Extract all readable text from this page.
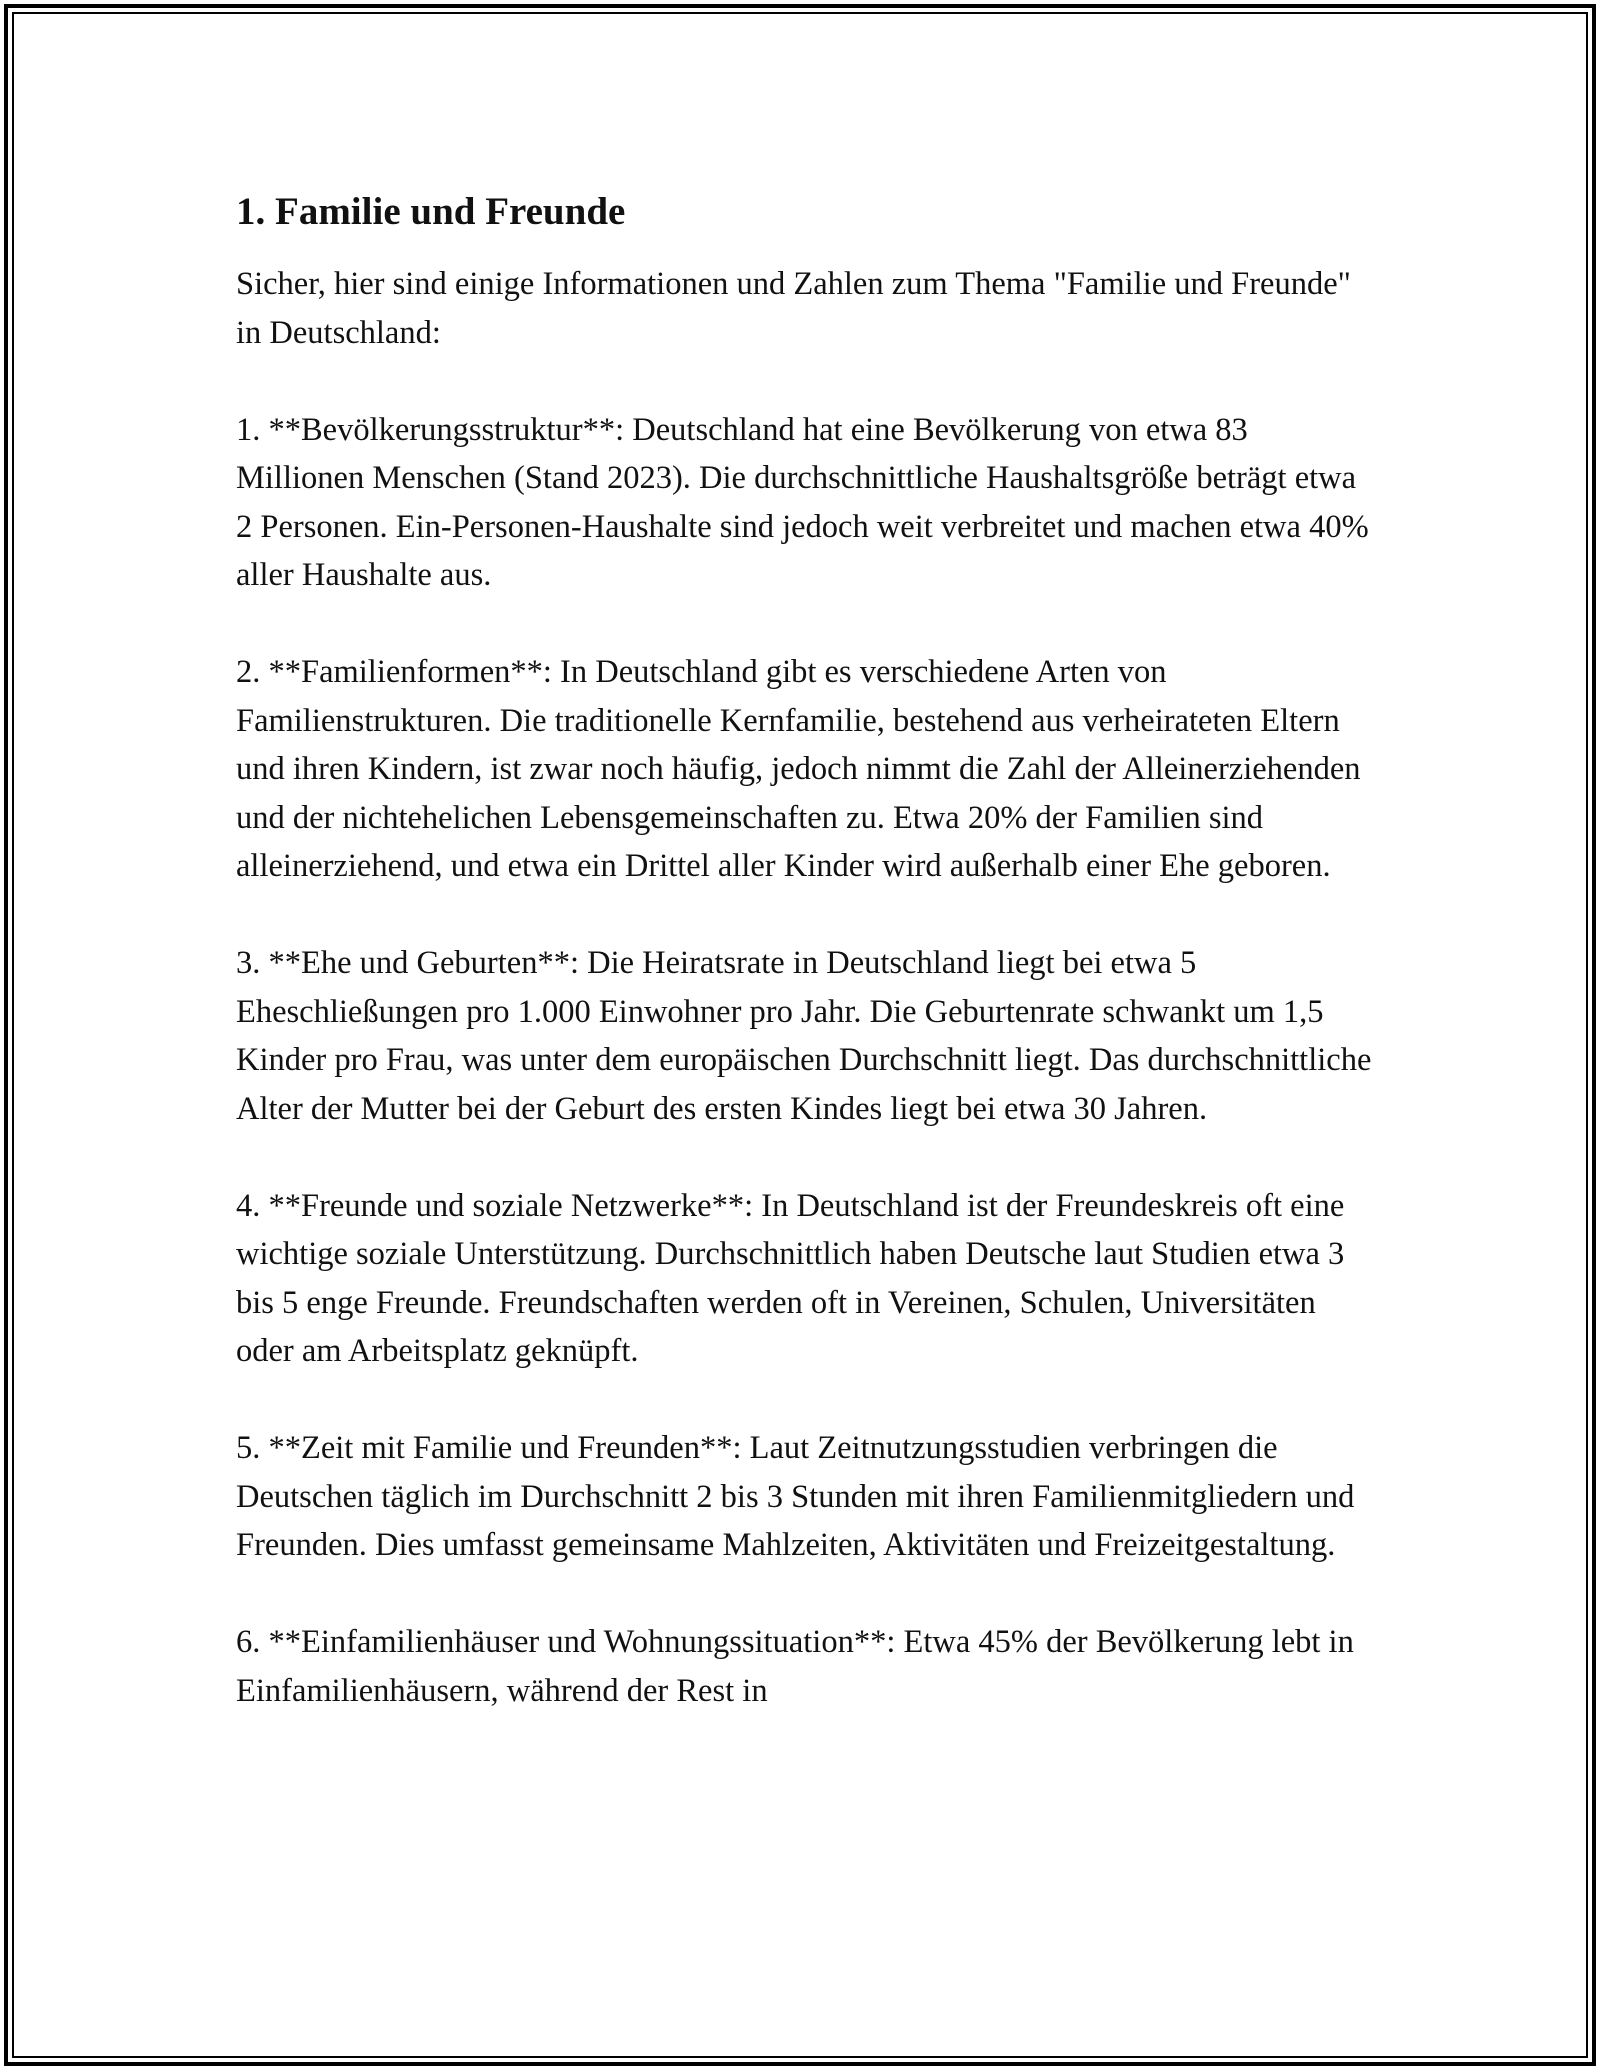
1. Familie und Freunde

Sicher, hier sind einige Informationen und Zahlen zum Thema "Familie und Freunde" in Deutschland:

1. **Bevölkerungsstruktur**: Deutschland hat eine Bevölkerung von etwa 83 Millionen Menschen (Stand 2023). Die durchschnittliche Haushaltsgröße beträgt etwa 2 Personen. Ein-Personen-Haushalte sind jedoch weit verbreitet und machen etwa 40% aller Haushalte aus.

2. **Familienformen**: In Deutschland gibt es verschiedene Arten von Familienstrukturen. Die traditionelle Kernfamilie, bestehend aus verheirateten Eltern und ihren Kindern, ist zwar noch häufig, jedoch nimmt die Zahl der Alleinerziehenden und der nichtehelichen Lebensgemeinschaften zu. Etwa 20% der Familien sind alleinerziehend, und etwa ein Drittel aller Kinder wird außerhalb einer Ehe geboren.

3. **Ehe und Geburten**: Die Heiratsrate in Deutschland liegt bei etwa 5 Eheschließungen pro 1.000 Einwohner pro Jahr. Die Geburtenrate schwankt um 1,5 Kinder pro Frau, was unter dem europäischen Durchschnitt liegt. Das durchschnittliche Alter der Mutter bei der Geburt des ersten Kindes liegt bei etwa 30 Jahren.

4. **Freunde und soziale Netzwerke**: In Deutschland ist der Freundeskreis oft eine wichtige soziale Unterstützung. Durchschnittlich haben Deutsche laut Studien etwa 3 bis 5 enge Freunde. Freundschaften werden oft in Vereinen, Schulen, Universitäten oder am Arbeitsplatz geknüpft.

5. **Zeit mit Familie und Freunden**: Laut Zeitnutzungsstudien verbringen die Deutschen täglich im Durchschnitt 2 bis 3 Stunden mit ihren Familienmitgliedern und Freunden. Dies umfasst gemeinsame Mahlzeiten, Aktivitäten und Freizeitgestaltung.

6. **Einfamilienhäuser und Wohnungssituation**: Etwa 45% der Bevölkerung lebt in Einfamilienhäusern, während der Rest in
